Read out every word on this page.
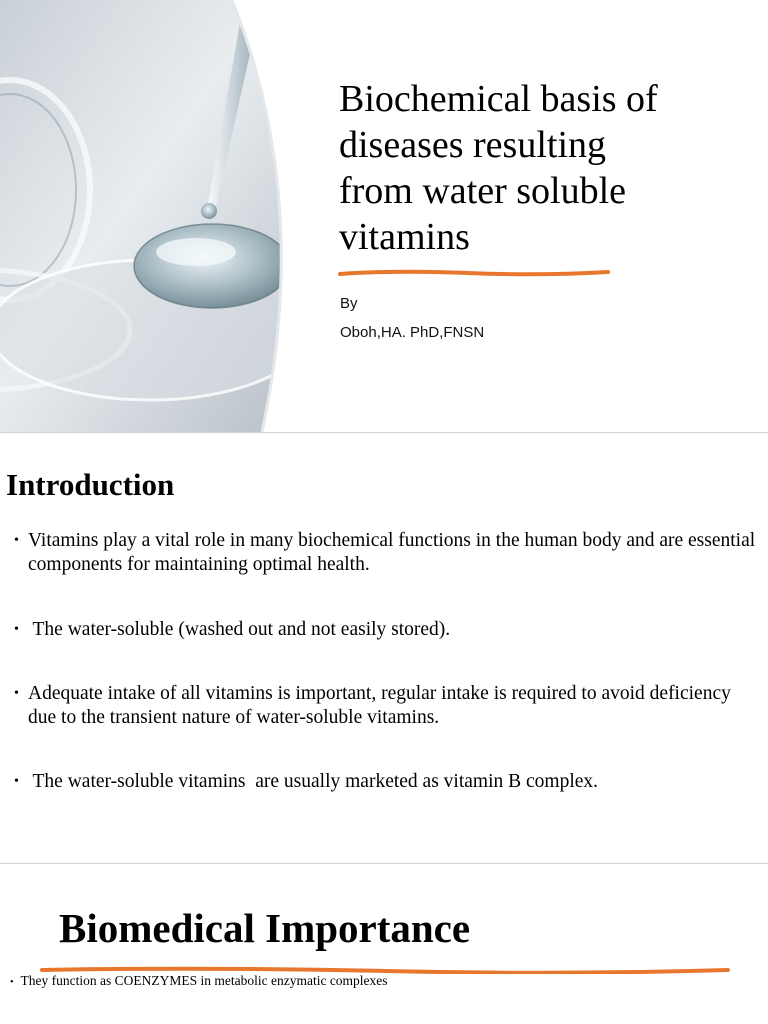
Biochemical basis of
diseases resulting
from water soluble
vitamins

By

Oboh,HA. PhD,FNSN

Introduction
• Vitamins play a vital role in many biochemical functions in the human body and are essential components for maintaining optimal health.
• The water-soluble (washed out and not easily stored).
• Adequate intake of all vitamins is important, regular intake is required to avoid deficiency due to the transient nature of water-soluble vitamins.
• The water-soluble vitamins  are usually marketed as vitamin B complex.
Biomedical Importance
• They function as COENZYMES in metabolic enzymatic complexes
